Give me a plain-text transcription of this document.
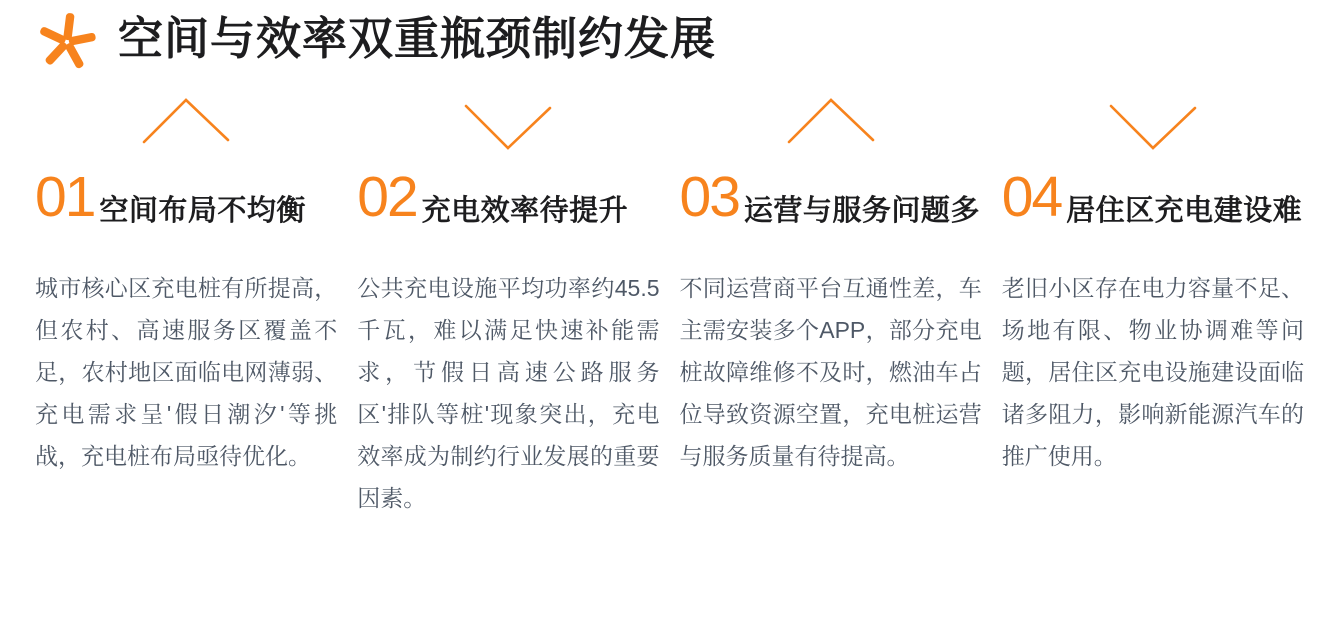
空间与效率双重瓶颈制约发展
01 空间布局不均衡

城市核心区充电桩有所提高，但农村、高速服务区覆盖不足，农村地区面临电网薄弱、充电需求呈'假日潮汐'等挑战，充电桩布局亟待优化。

02 充电效率待提升

公共充电设施平均功率约45.5千瓦，难以满足快速补能需求，节假日高速公路服务区'排队等桩'现象突出，充电效率成为制约行业发展的重要因素。

03 运营与服务问题多

不同运营商平台互通性差，车主需安装多个APP，部分充电桩故障维修不及时，燃油车占位导致资源空置，充电桩运营与服务质量有待提高。

04 居住区充电建设难

老旧小区存在电力容量不足、场地有限、物业协调难等问题，居住区充电设施建设面临诸多阻力，影响新能源汽车的推广使用。
